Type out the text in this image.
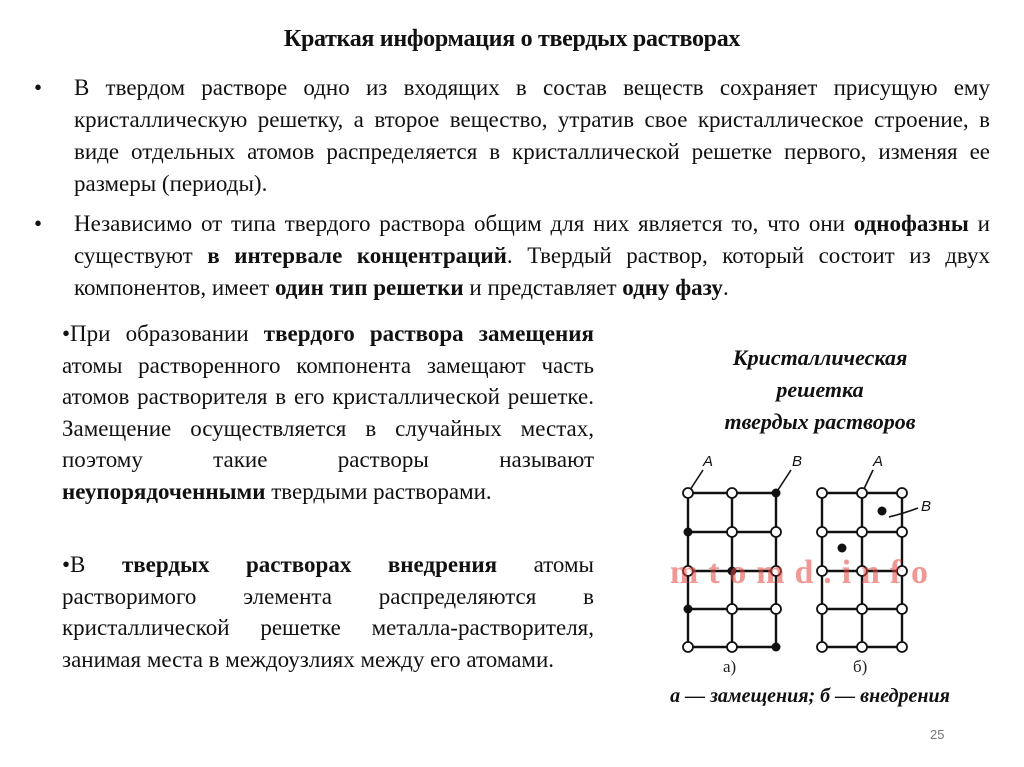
Краткая информация о твердых растворах
•	В твердом растворе одно из входящих в состав веществ сохраняет присущую ему кристаллическую решетку, а второе вещество, утратив свое кристаллическое строение, в виде отдельных атомов распределяется в кристаллической решетке первого, изменяя ее размеры (периоды).
•	Независимо от типа твердого раствора общим для них является то, что они однофазны и существуют в интервале концентраций. Твердый раствор, который состоит из двух компонентов, имеет один тип решетки и представляет одну фазу.
•При образовании твердого раствора замещения атомы растворенного компонента замещают часть атомов растворителя в его кристаллической решетке. Замещение осуществляется в случайных местах, поэтому такие растворы называют неупорядоченными твердыми растворами.
•В твердых растворах внедрения атомы растворимого элемента распределяются в кристаллической решетке металла-растворителя, занимая места в междоузлиях между его атомами.
Кристаллическая
решетка
твердых растворов
A	B	A
B
а)	б)
mtomd.info
а — замещения; б — внедрения
25
